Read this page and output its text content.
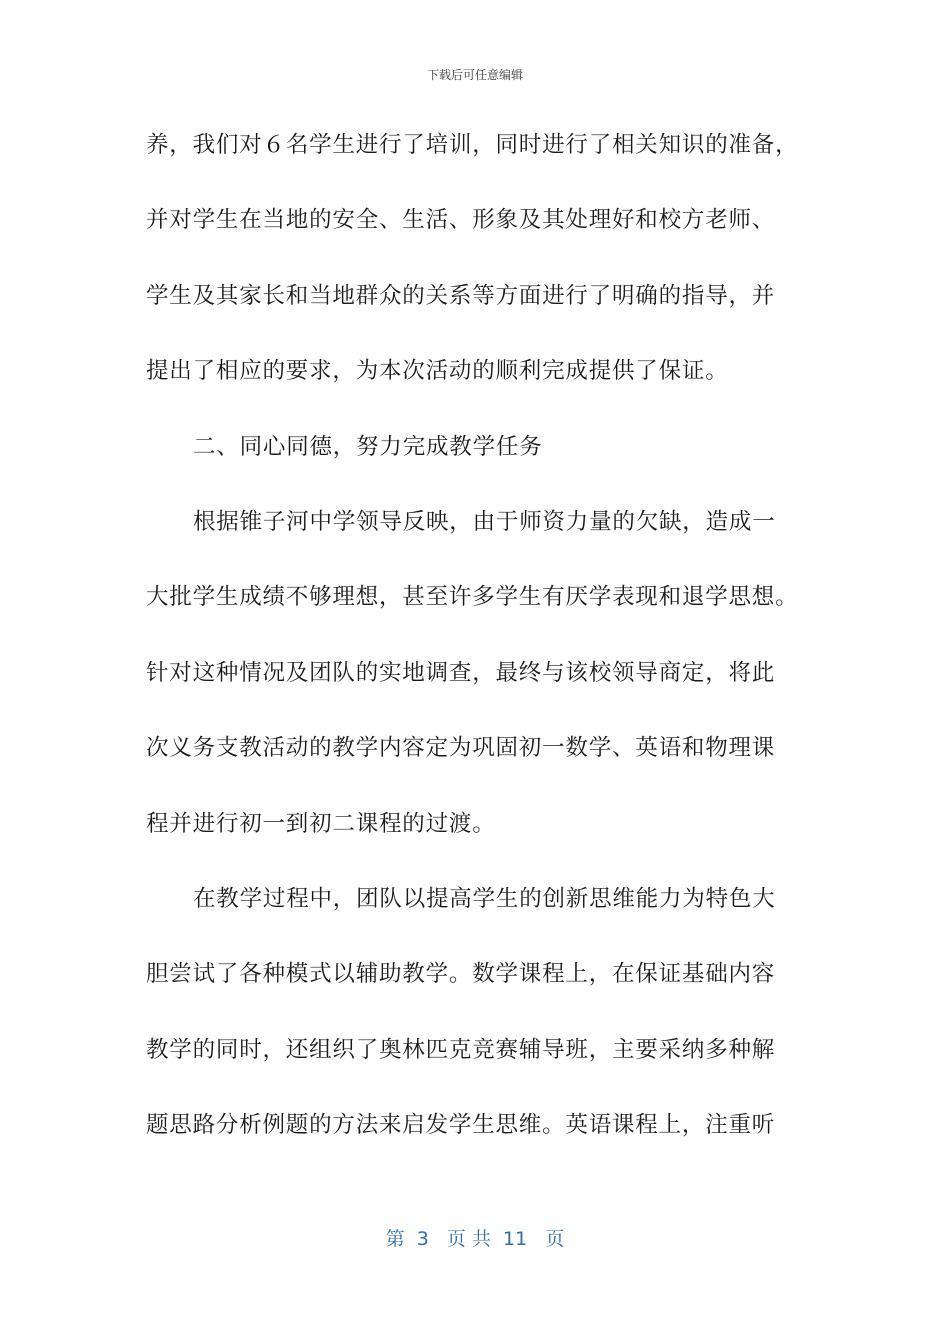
下载后可任意编辑
养，我们对６名学生进行了培训，同时进行了相关知识的准备，
并对学生在当地的安全、生活、形象及其处理好和校方老师、
学生及其家长和当地群众的关系等方面进行了明确的指导，并
提出了相应的要求，为本次活动的顺利完成提供了保证。
二、同心同德，努力完成教学任务
根据锥子河中学领导反映，由于师资力量的欠缺，造成一
大批学生成绩不够理想，甚至许多学生有厌学表现和退学思想。
针对这种情况及团队的实地调查，最终与该校领导商定，将此
次义务支教活动的教学内容定为巩固初一数学、英语和物理课
程并进行初一到初二课程的过渡。
在教学过程中，团队以提高学生的创新思维能力为特色大
胆尝试了各种模式以辅助教学。数学课程上，在保证基础内容
教学的同时，还组织了奥林匹克竞赛辅导班，主要采纳多种解
题思路分析例题的方法来启发学生思维。英语课程上，注重听
第  3   页 共  11   页
